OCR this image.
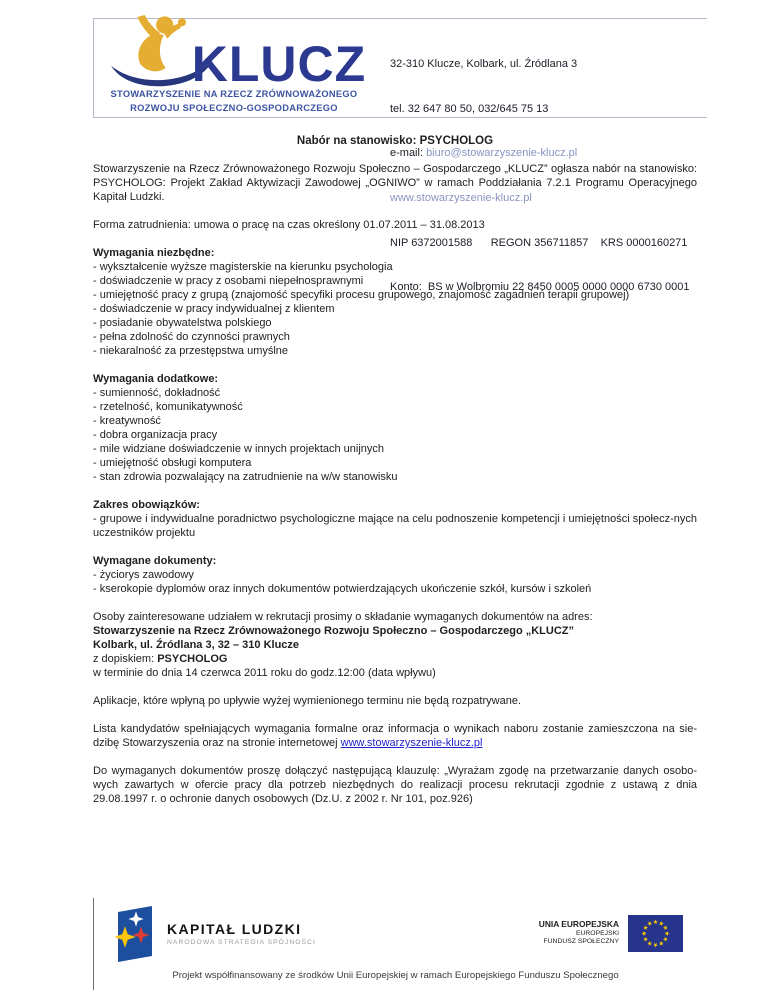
KLUCZ
STOWARZYSZENIE NA RZECZ ZRÓWNOWAŻONEGO
ROZWOJU SPOŁECZNO-GOSPODARCZEGO

32-310 Klucze, Kolbark, ul. Źródlana 3

tel. 32 647 80 50, 032/645 75 13

e-mail: biuro@stowarzyszenie-klucz.pl

www.stowarzyszenie-klucz.pl

NIP 6372001588      REGON 356711857    KRS 0000160271

Konto:  BS w Wolbromiu 22 8450 0005 0000 0000 6730 0001

Nabór na stanowisko: PSYCHOLOG

Stowarzyszenie na Rzecz Zrównoważonego Rozwoju Społeczno – Gospodarczego „KLUCZ” ogłasza nabór na stanowisko: PSYCHOLOG: Projekt Zakład Aktywizacji Zawodowej „OGNIWO” w ramach Poddziałania 7.2.1 Programu Operacyjnego Kapitał Ludzki.

Forma zatrudnienia: umowa o pracę na czas określony 01.07.2011 – 31.08.2013

Wymagania niezbędne:

- wykształcenie wyższe magisterskie na kierunku psychologia
- doświadczenie w pracy z osobami niepełnosprawnymi
- umiejętność pracy z grupą (znajomość specyfiki procesu grupowego, znajomość zagadnień terapii grupowej)
- doświadczenie w pracy indywidualnej z klientem
- posiadanie obywatelstwa polskiego
- pełna zdolność do czynności prawnych
- niekaralność za przestępstwa umyślne

Wymagania dodatkowe:

- sumienność, dokładność
- rzetelność, komunikatywność
- kreatywność
- dobra organizacja pracy
- mile widziane doświadczenie w innych projektach unijnych
- umiejętność obsługi komputera
- stan zdrowia pozwalający na zatrudnienie na w/w stanowisku

Zakres obowiązków:

- grupowe i indywidualne poradnictwo psychologiczne mające na celu podnoszenie kompetencji i umiejętności społecz-nych uczestników projektu

Wymagane dokumenty:

- życiorys zawodowy
- kserokopie dyplomów oraz innych dokumentów potwierdzających ukończenie szkół, kursów i szkoleń

Osoby zainteresowane udziałem w rekrutacji prosimy o składanie wymaganych dokumentów na adres:

Stowarzyszenie na Rzecz Zrównoważonego Rozwoju Społeczno – Gospodarczego „KLUCZ”
Kolbark, ul. Źródlana 3, 32 – 310 Klucze
z dopiskiem: PSYCHOLOG
w terminie do dnia 14 czerwca 2011 roku do godz.12:00 (data wpływu)

Aplikacje, które wpłyną po upływie wyżej wymienionego terminu nie będą rozpatrywane.

Lista kandydatów spełniających wymagania formalne oraz informacja o wynikach naboru zostanie zamieszczona na sie-dzibę Stowarzyszenia oraz na stronie internetowej www.stowarzyszenie-klucz.pl

Do wymaganych dokumentów proszę dołączyć następującą klauzulę: „Wyrażam zgodę na przetwarzanie danych osobo-wych zawartych w ofercie pracy dla potrzeb niezbędnych do realizacji procesu rekrutacji zgodnie z ustawą z dnia 29.08.1997 r. o ochronie danych osobowych (Dz.U. z 2002 r. Nr 101, poz.926)

KAPITAŁ LUDZKI
NARODOWA STRATEGIA SPÓJNOŚCI
UNIA EUROPEJSKA
EUROPEJSKI
FUNDUSZ SPOŁECZNY
Projekt współfinansowany ze środków Unii Europejskiej w ramach Europejskiego Funduszu Społecznego
